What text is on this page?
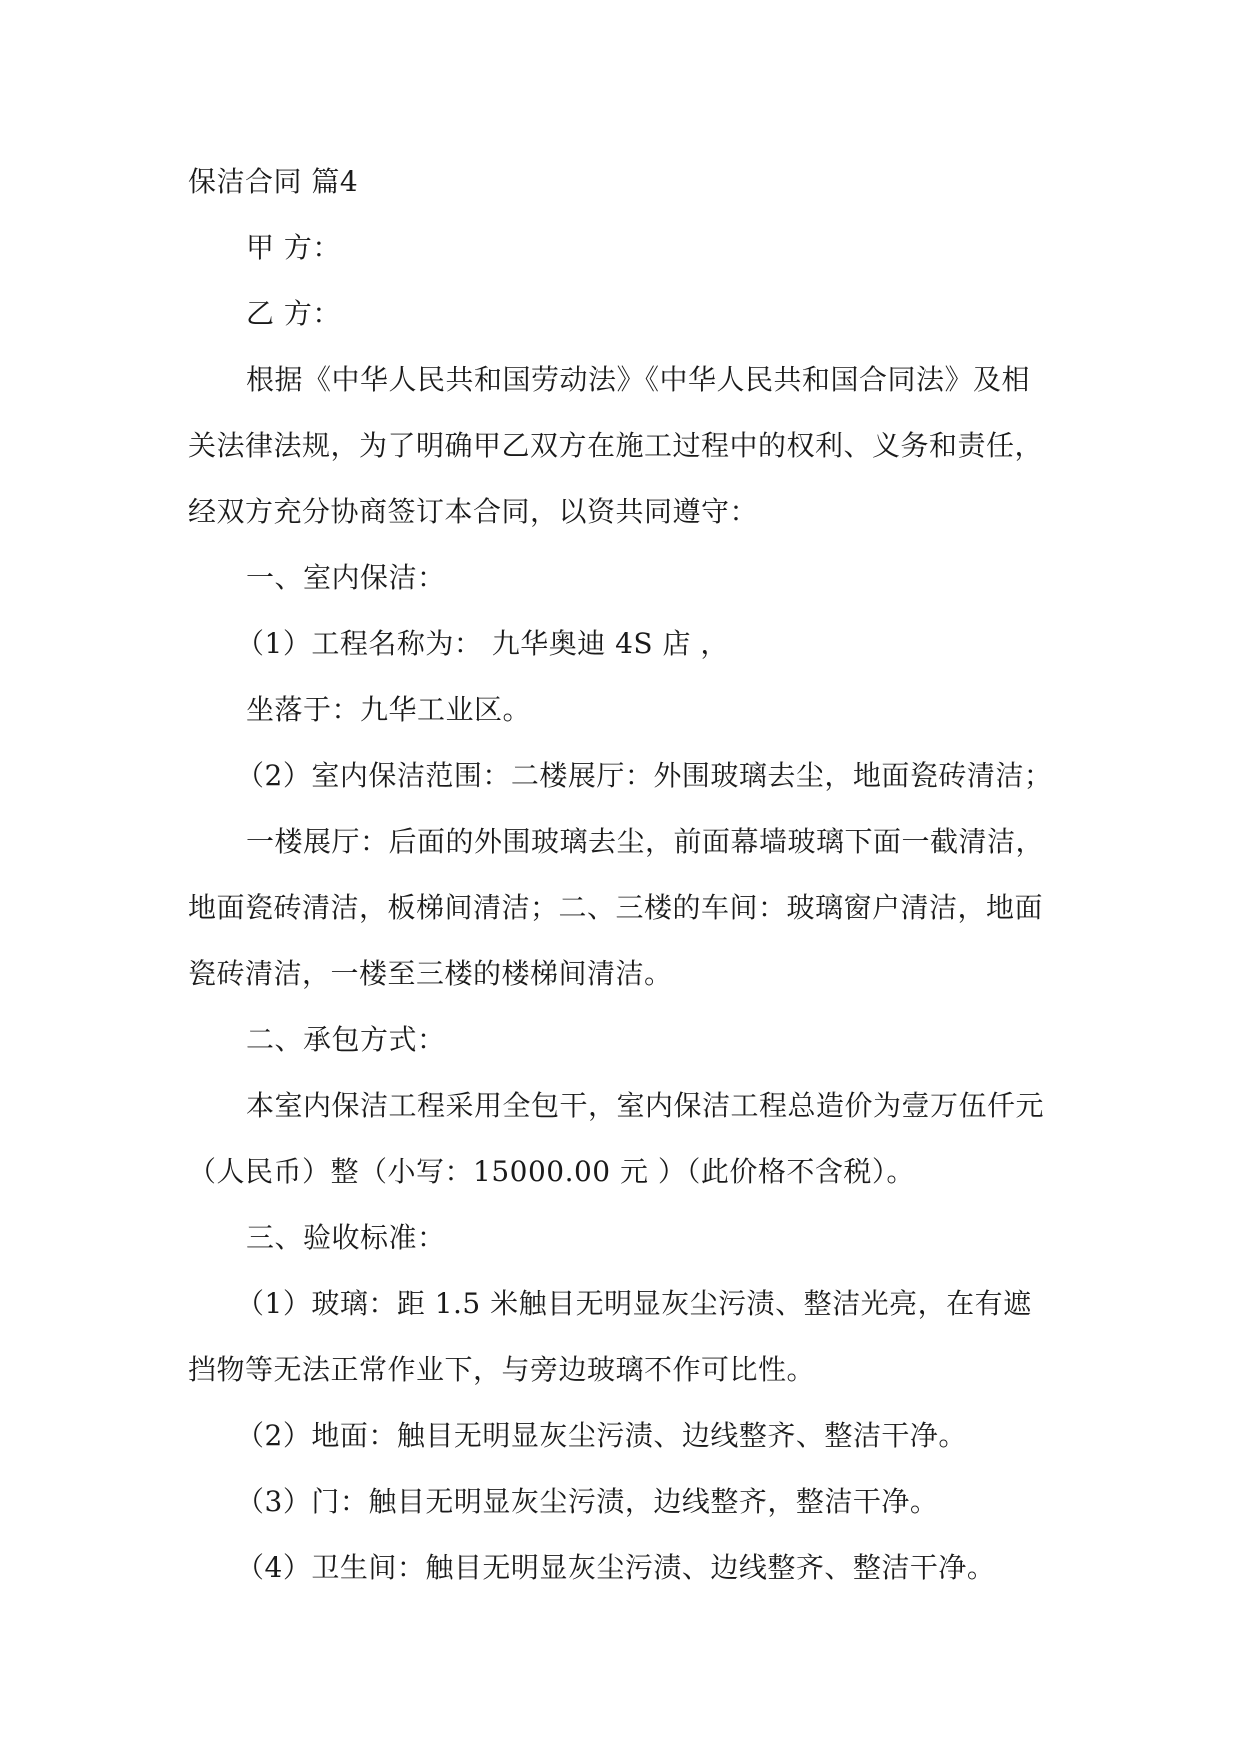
保洁合同 篇4
甲 方：
乙 方：
根据《中华人民共和国劳动法》《中华人民共和国合同法》及相
关法律法规，为了明确甲乙双方在施工过程中的权利、义务和责任，
经双方充分协商签订本合同，以资共同遵守：
一、室内保洁：
（1）工程名称为： 九华奥迪 4S 店 ，
坐落于：九华工业区。
（2）室内保洁范围：二楼展厅：外围玻璃去尘，地面瓷砖清洁；
一楼展厅：后面的外围玻璃去尘，前面幕墙玻璃下面一截清洁，
地面瓷砖清洁，板梯间清洁；二、三楼的车间：玻璃窗户清洁，地面
瓷砖清洁，一楼至三楼的楼梯间清洁。
二、承包方式：
本室内保洁工程采用全包干，室内保洁工程总造价为壹万伍仟元
（人民币）整（小写：15000.00 元 ）（此价格不含税）。
三、验收标准：
（1）玻璃：距 1.5 米触目无明显灰尘污渍、整洁光亮，在有遮
挡物等无法正常作业下，与旁边玻璃不作可比性。
（2）地面：触目无明显灰尘污渍、边线整齐、整洁干净。
（3）门：触目无明显灰尘污渍，边线整齐，整洁干净。
（4）卫生间：触目无明显灰尘污渍、边线整齐、整洁干净。
